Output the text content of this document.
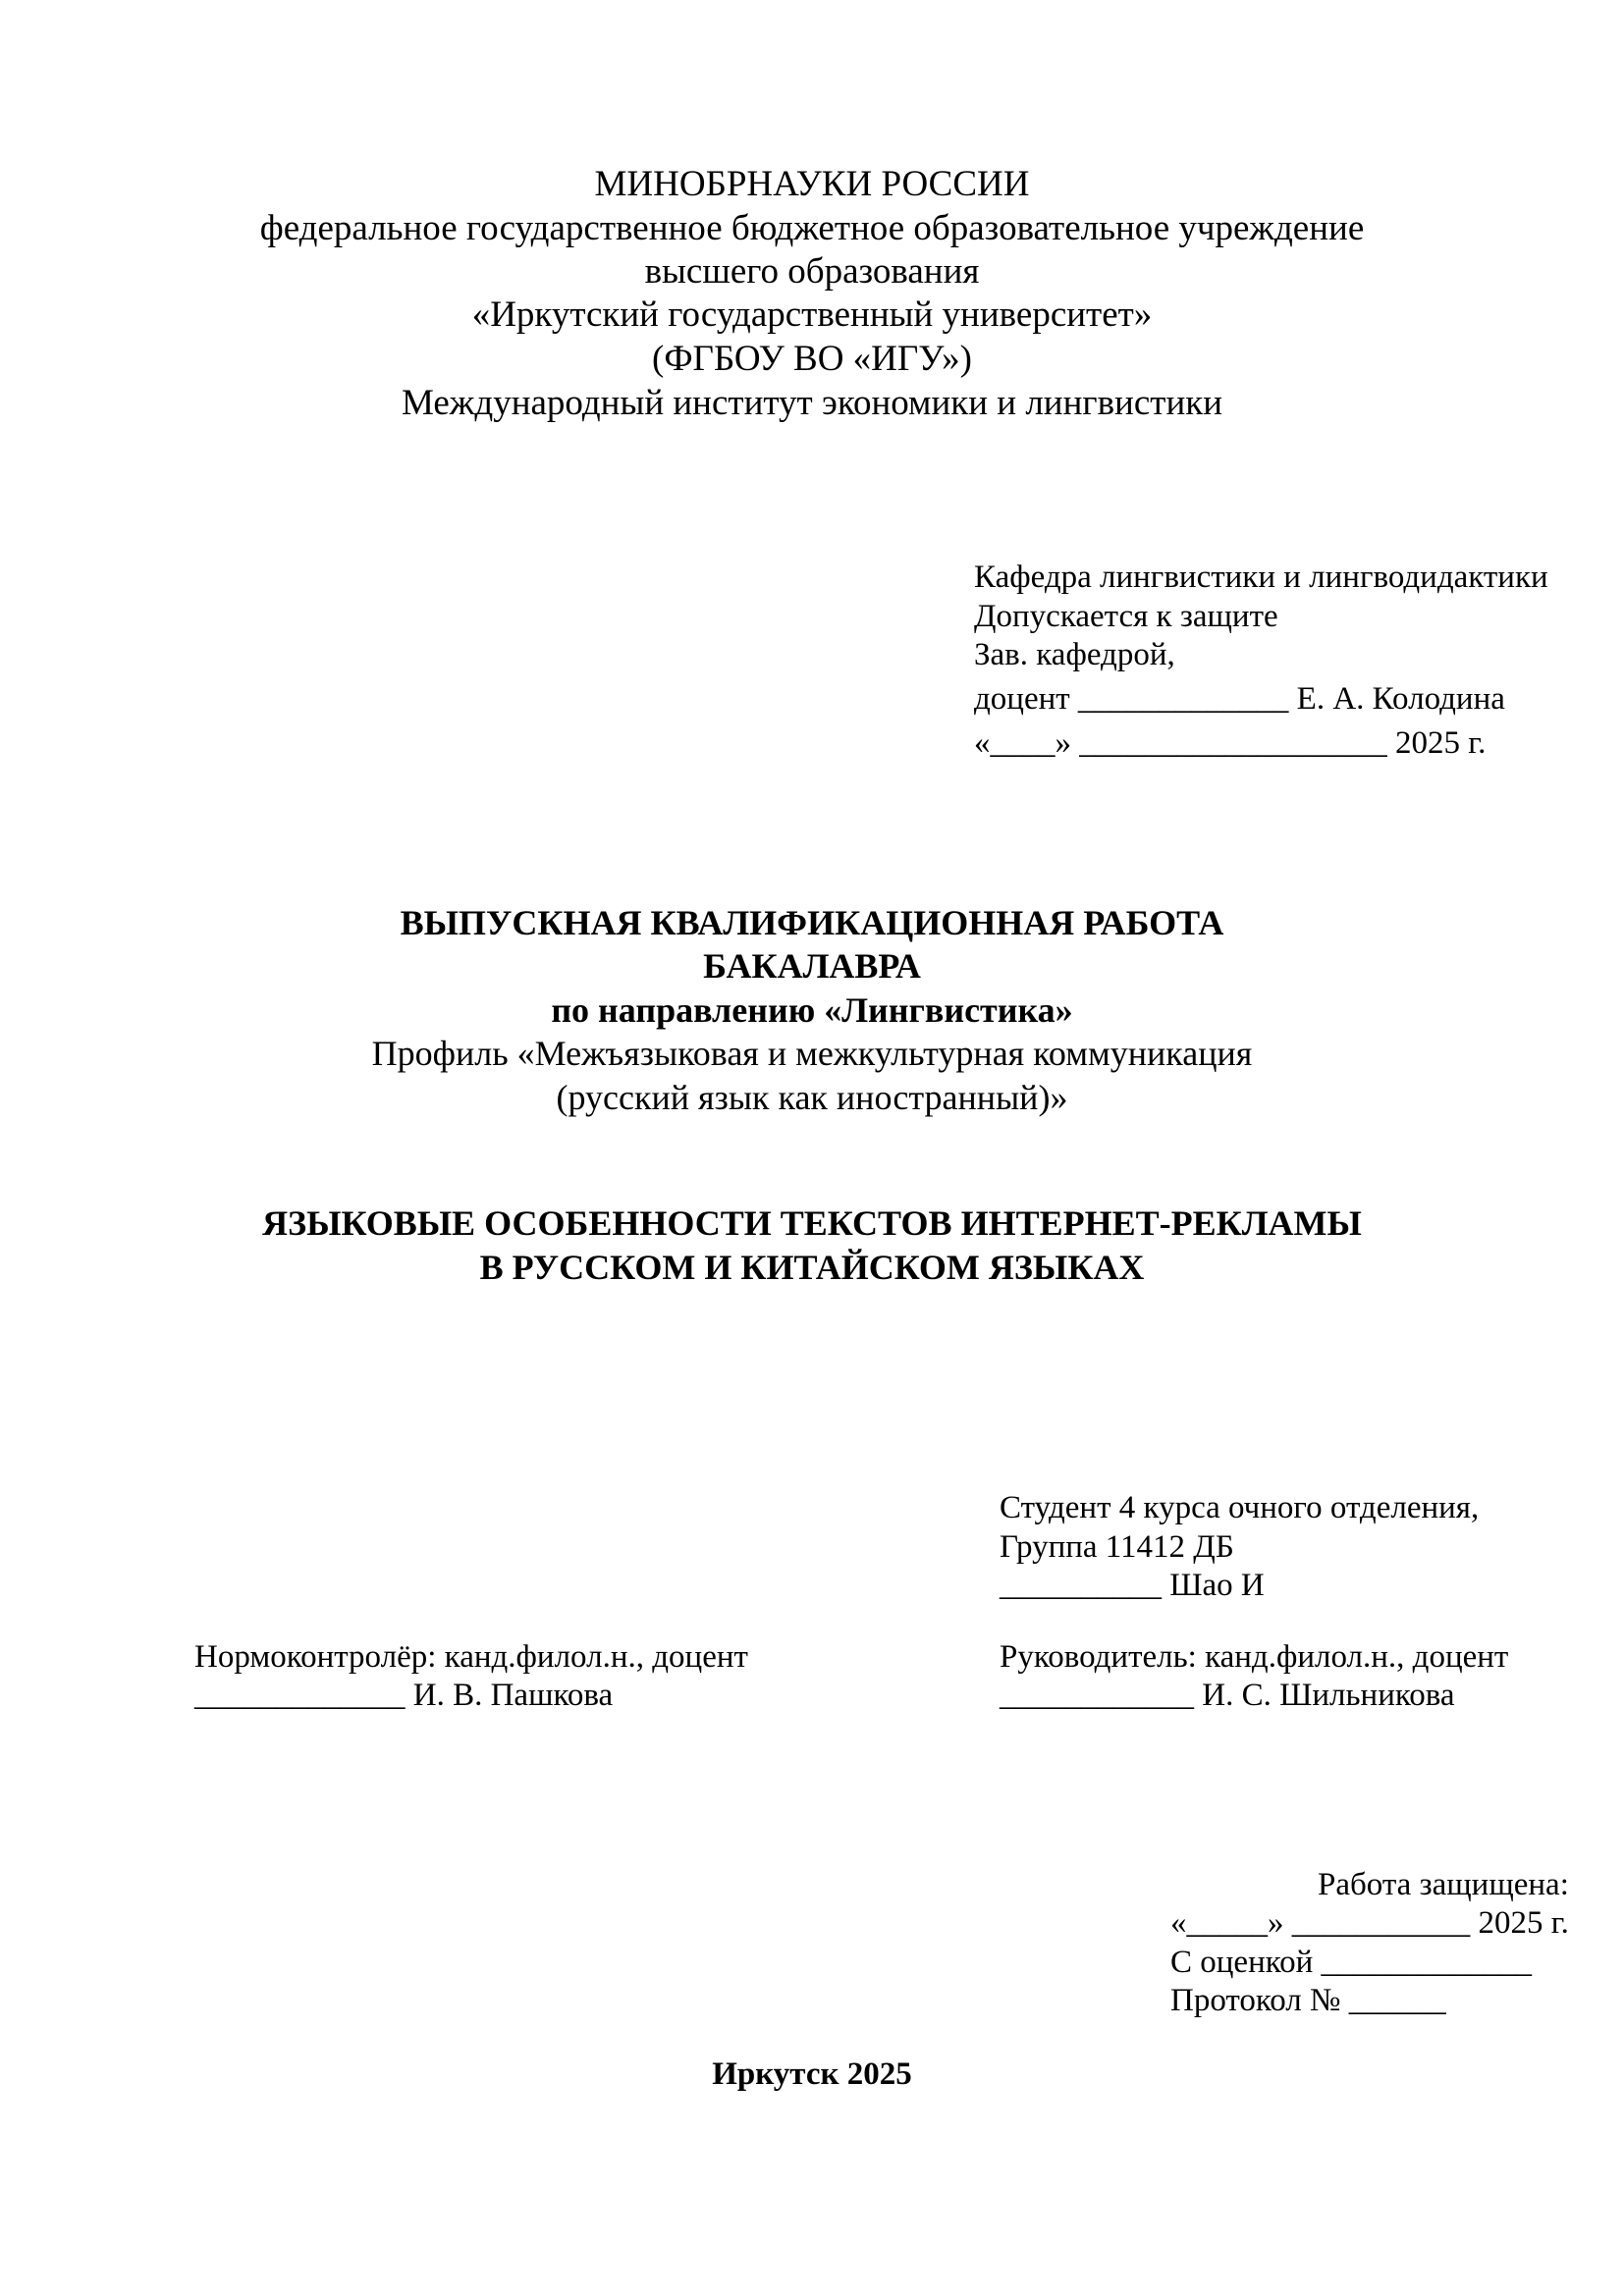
МИНОБРНАУКИ РОССИИ

федеральное государственное бюджетное образовательное учреждение

высшего образования

«Иркутский государственный университет»

(ФГБОУ ВО «ИГУ»)

Международный институт экономики и лингвистики

Кафедра лингвистики и лингводидактики

Допускается к защите

Зав. кафедрой,

доцент _____________ Е. А. Колодина

«____» ___________________ 2025 г.

ВЫПУСКНАЯ КВАЛИФИКАЦИОННАЯ РАБОТА

БАКАЛАВРА

по направлению «Лингвистика»

Профиль «Межъязыковая и межкультурная коммуникация

(русский язык как иностранный)»

ЯЗЫКОВЫЕ ОСОБЕННОСТИ ТЕКСТОВ ИНТЕРНЕТ-РЕКЛАМЫ

В РУССКОМ И КИТАЙСКОМ ЯЗЫКАХ

Студент 4 курса очного отделения,

Группа 11412 ДБ

__________ Шао И

Нормоконтролёр: канд.филол.н., доцент

_____________ И. В. Пашкова

Руководитель: канд.филол.н., доцент

____________ И. С. Шильникова

Работа защищена:

«_____» ___________ 2025 г.

С оценкой _____________

Протокол № ______

Иркутск 2025
